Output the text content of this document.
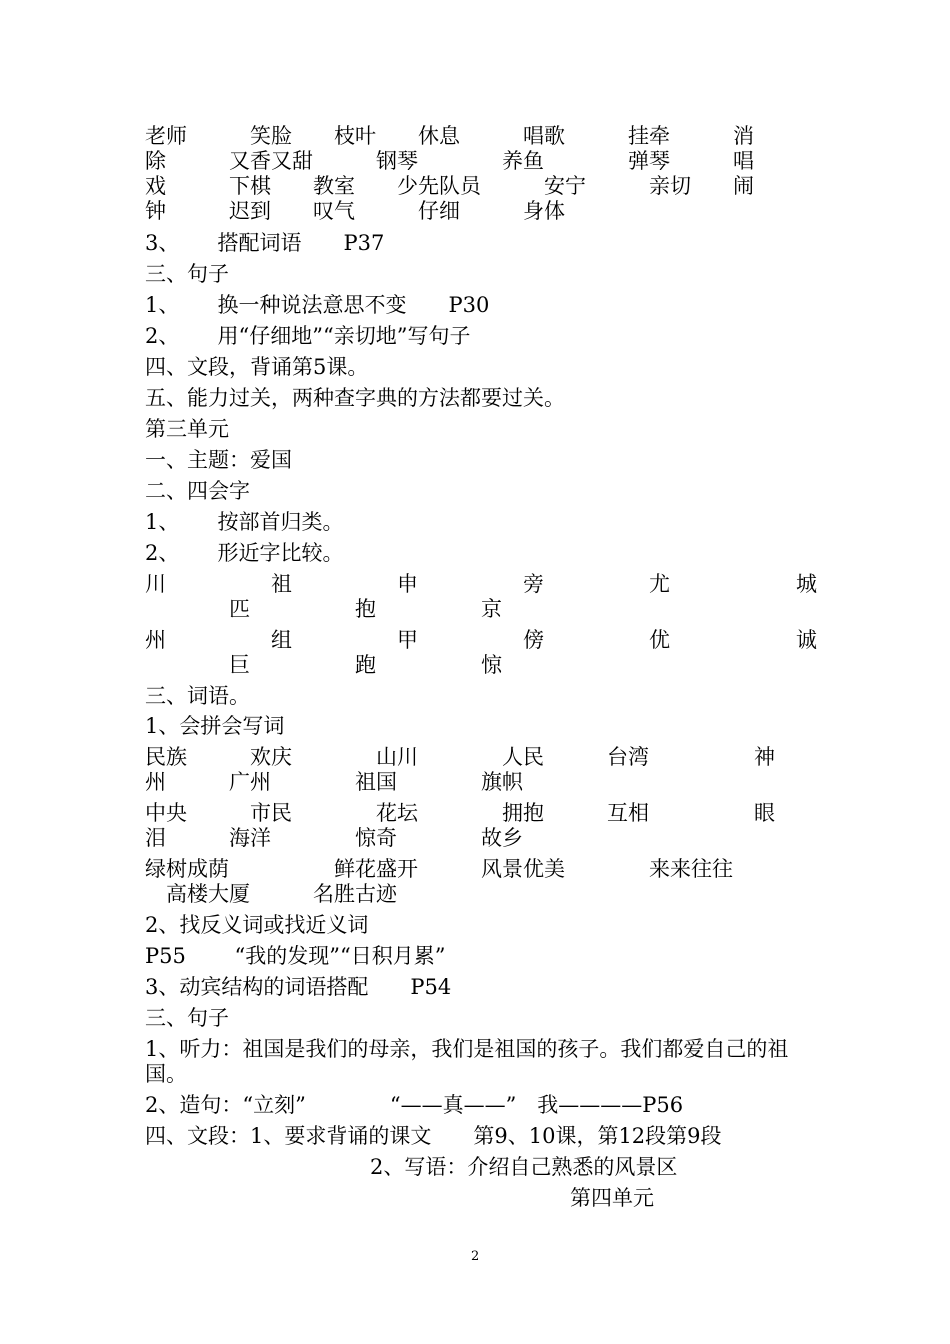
老师　　　笑脸　　枝叶　　休息　　　唱歌　　　挂牵　　　消
除　　　又香又甜　　　钢琴　　　　养鱼　　　　弹琴　　　唱
戏　　　下棋　　教室　　少先队员　　　安宁　　　亲切　　闹
钟　　　迟到　　叹气　　　仔细　　　身体
3、　　 搭配词语　　P37
三、句子
1、　　 换一种说法意思不变　　P30
2、　　 用“仔细地”“亲切地”写句子
四、文段，背诵第5课。
五、能力过关，两种查字典的方法都要过关。
第三单元
一、主题：爱国
二、四会字
1、　　 按部首归类。
2、　　 形近字比较。
川　　　　　祖　　　　　申　　　　　旁　　　　　尤　　　　　　城
　　　　匹　　　　　抱　　　　　京
州　　　　　组　　　　　甲　　　　　傍　　　　　优　　　　　　诚
　　　　巨　　　　　跑　　　　　惊
三、词语。
1、会拼会写词
民族　　　欢庆　　　　山川　　　　人民　　　台湾　　　　　神
州　　　广州　　　　祖国　　　　旗帜
中央　　　市民　　　　花坛　　　　拥抱　　　互相　　　　　眼
泪　　　海洋　　　　惊奇　　　　故乡
绿树成荫　　　　　鲜花盛开　　　风景优美　　　　来来往往
　高楼大厦　　　名胜古迹
2、找反义词或找近义词
P55　　 “我的发现”“日积月累”
3、动宾结构的词语搭配　　P54
三、句子
1、听力：祖国是我们的母亲，我们是祖国的孩子。我们都爱自己的祖
国。
2、造句：“立刻”　　　　“——真——”　我————P56
四、文段：1、要求背诵的课文　　第9、10课，第12段第9段
2、写语：介绍自己熟悉的风景区
第四单元
2
